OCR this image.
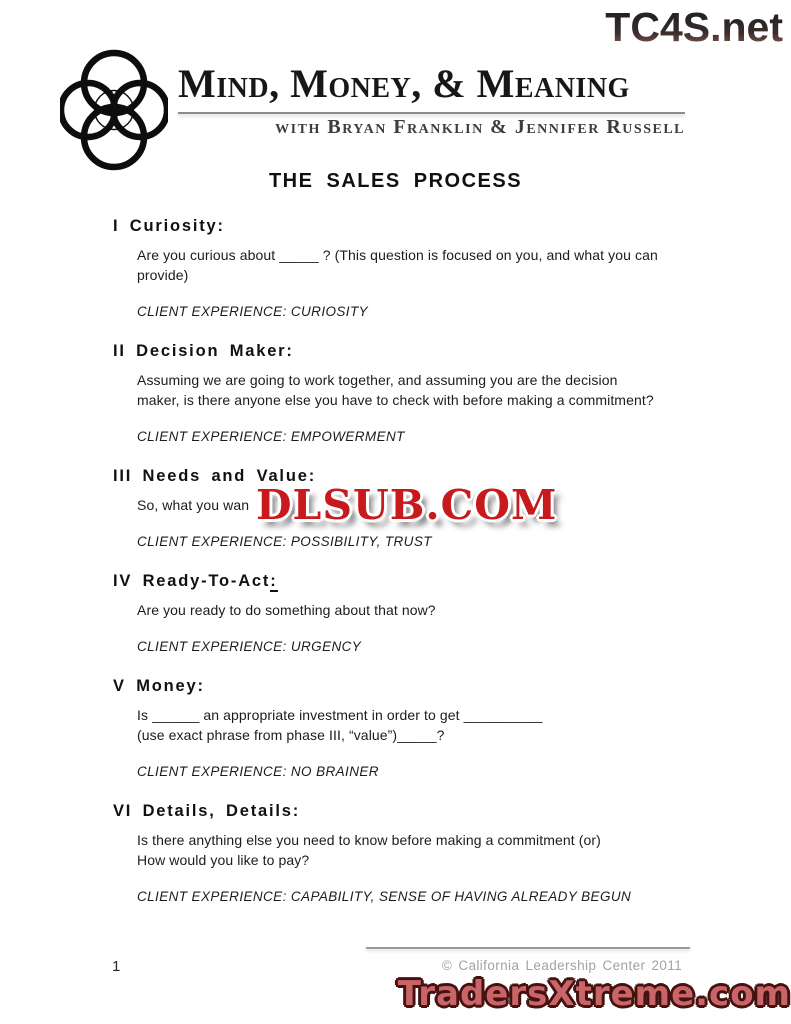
TC4S.net
Mind, Money, & Meaning
with Bryan Franklin & Jennifer Russell
THE SALES PROCESS
I Curiosity:
Are you curious about _____ ? (This question is focused on you, and what you can
provide)
CLIENT EXPERIENCE: CURIOSITY
II Decision Maker:
Assuming we are going to work together, and assuming you are the decision
maker, is there anyone else you have to check with before making a commitment?
CLIENT EXPERIENCE: EMPOWERMENT
III Needs and Value:
So, what you wan
CLIENT EXPERIENCE: POSSIBILITY, TRUST
IV Ready-To-Act:
Are you ready to do something about that now?
CLIENT EXPERIENCE: URGENCY
V Money:
Is ______ an appropriate investment in order to get __________
(use exact phrase from phase III, “value”)_____?
CLIENT EXPERIENCE: NO BRAINER
VI Details, Details:
Is there anything else you need to know before making a commitment (or)
How would you like to pay?
CLIENT EXPERIENCE: CAPABILITY, SENSE OF HAVING ALREADY BEGUN
DLSUB.COM
© California Leadership Center 2011
1
TradersXtreme.com
